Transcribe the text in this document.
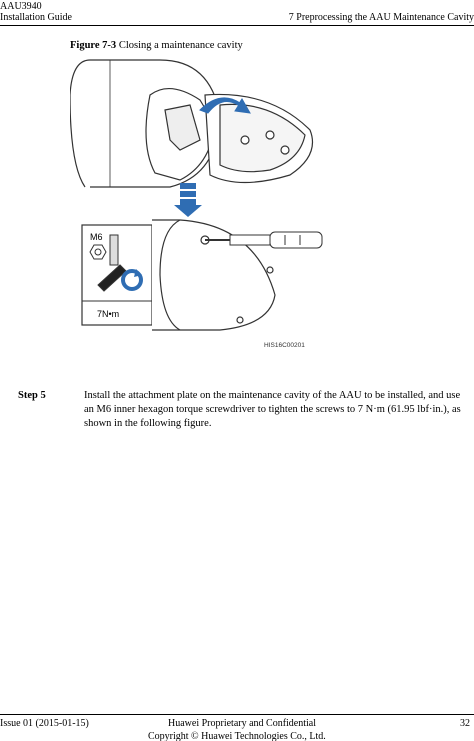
AAU3940
Installation Guide	7 Preprocessing the AAU Maintenance Cavity
Figure 7-3 Closing a maintenance cavity
M6
7N•m
HIS16C00201
Step 5	Install the attachment plate on the maintenance cavity of the AAU to be installed, and use an M6 inner hexagon torque screwdriver to tighten the screws to 7 N·m (61.95 lbf·in.), as shown in the following figure.
Issue 01 (2015-01-15)	Huawei Proprietary and Confidential
Copyright © Huawei Technologies Co., Ltd.
32
